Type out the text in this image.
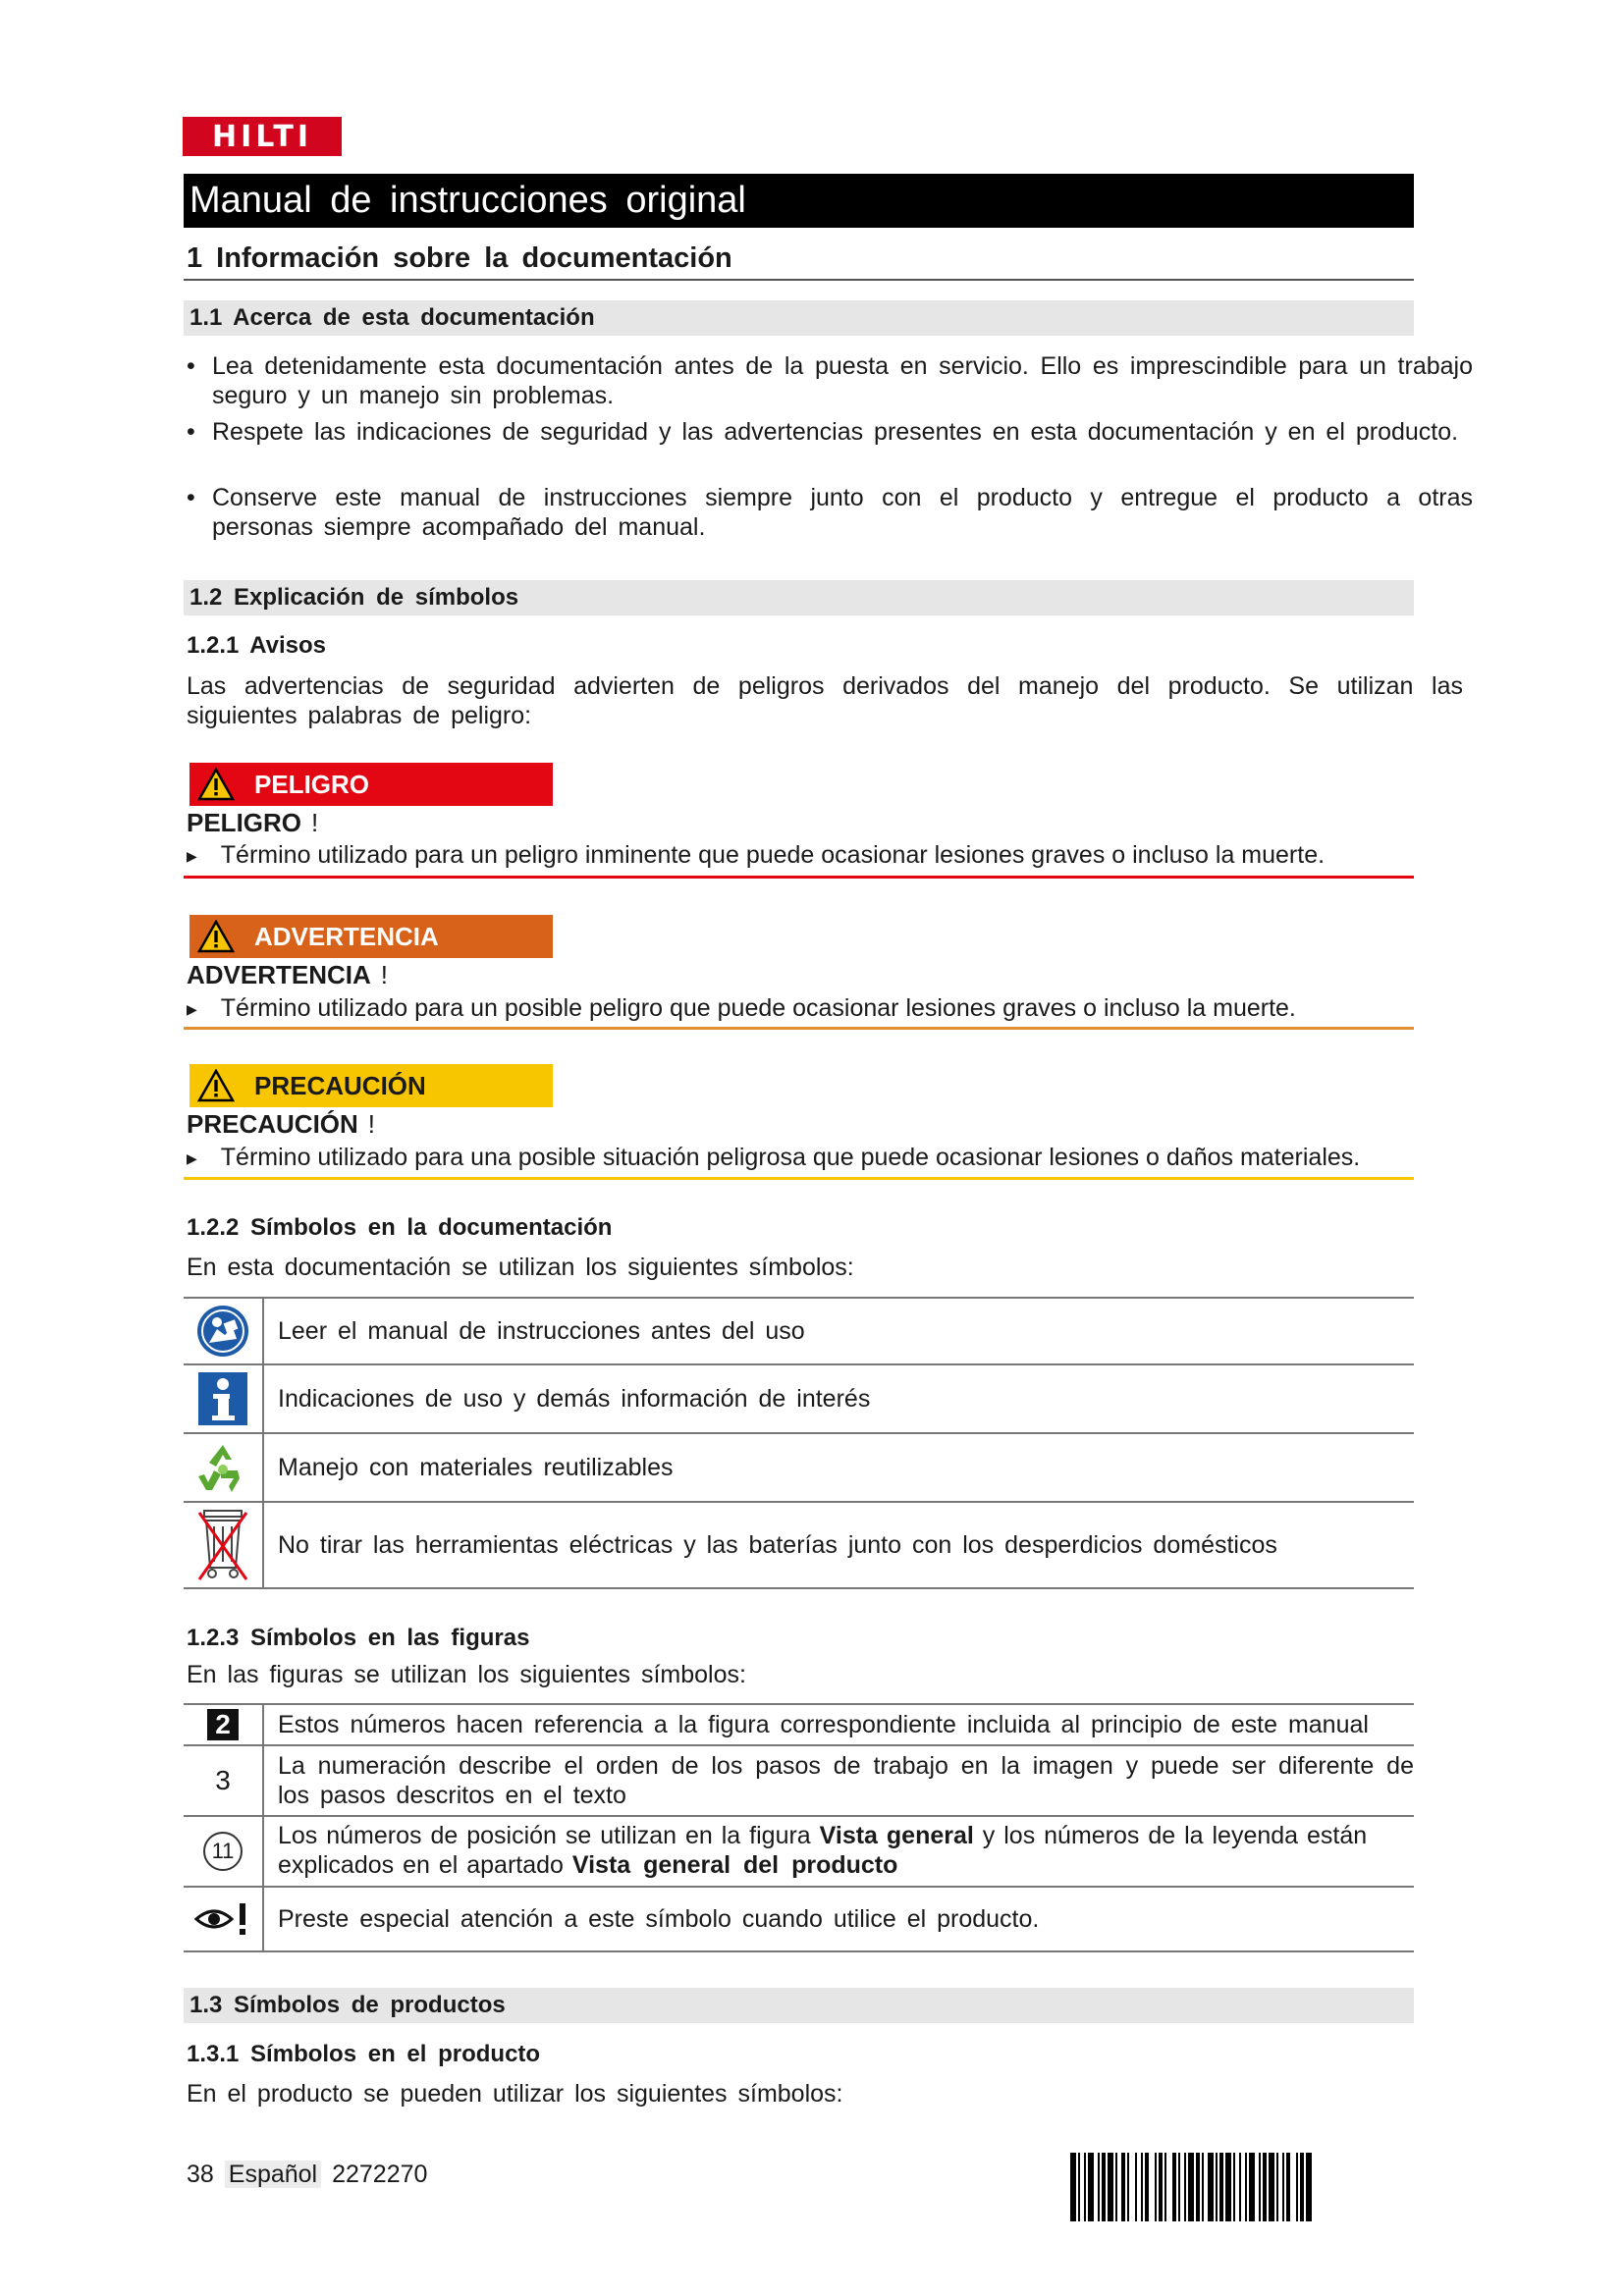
HILTI
Manual de instrucciones original
1 Información sobre la documentación
1.1 Acerca de esta documentación
• Lea detenidamente esta documentación antes de la puesta en servicio. Ello es imprescindible para un trabajo seguro y un manejo sin problemas.
• Respete las indicaciones de seguridad y las advertencias presentes en esta documentación y en el producto.
• Conserve este manual de instrucciones siempre junto con el producto y entregue el producto a otras personas siempre acompañado del manual.
1.2 Explicación de símbolos
1.2.1 Avisos
Las advertencias de seguridad advierten de peligros derivados del manejo del producto. Se utilizan las siguientes palabras de peligro:
PELIGRO
PELIGRO !
▶ Término utilizado para un peligro inminente que puede ocasionar lesiones graves o incluso la muerte.
ADVERTENCIA
ADVERTENCIA !
▶ Término utilizado para un posible peligro que puede ocasionar lesiones graves o incluso la muerte.
PRECAUCIÓN
PRECAUCIÓN !
▶ Término utilizado para una posible situación peligrosa que puede ocasionar lesiones o daños materiales.
1.2.2 Símbolos en la documentación
En esta documentación se utilizan los siguientes símbolos:
Leer el manual de instrucciones antes del uso
Indicaciones de uso y demás información de interés
Manejo con materiales reutilizables
No tirar las herramientas eléctricas y las baterías junto con los desperdicios domésticos
1.2.3 Símbolos en las figuras
En las figuras se utilizan los siguientes símbolos:
2	Estos números hacen referencia a la figura correspondiente incluida al principio de este manual
3	La numeración describe el orden de los pasos de trabajo en la imagen y puede ser diferente de los pasos descritos en el texto
11
Los números de posición se utilizan en la figura Vista general y los números de la leyenda están explicados en el apartado Vista general del producto
Preste especial atención a este símbolo cuando utilice el producto.
1.3 Símbolos de productos
1.3.1 Símbolos en el producto
En el producto se pueden utilizar los siguientes símbolos:
38 Español 2272270
